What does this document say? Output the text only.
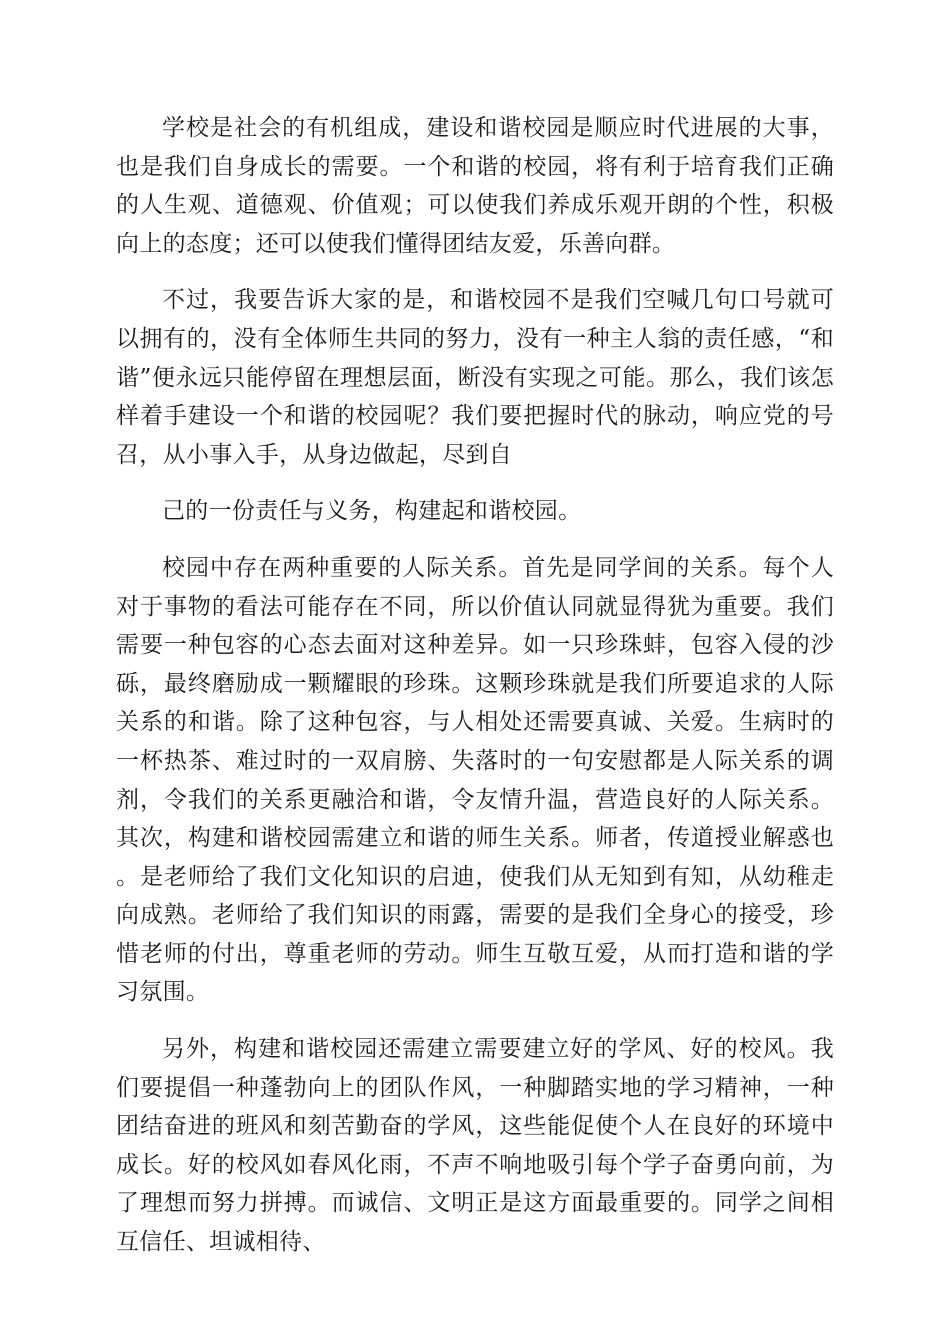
学校是社会的有机组成，建设和谐校园是顺应时代进展的大事，也是我们自身成长的需要。一个和谐的校园，将有利于培育我们正确的人生观、道德观、价值观；可以使我们养成乐观开朗的个性，积极向上的态度；还可以使我们懂得团结友爱，乐善向群。

不过，我要告诉大家的是，和谐校园不是我们空喊几句口号就可以拥有的，没有全体师生共同的努力，没有一种主人翁的责任感，“和谐”便永远只能停留在理想层面，断没有实现之可能。那么，我们该怎样着手建设一个和谐的校园呢？我们要把握时代的脉动，响应党的号召，从小事入手，从身边做起，尽到自

己的一份责任与义务，构建起和谐校园。

校园中存在两种重要的人际关系。首先是同学间的关系。每个人对于事物的看法可能存在不同，所以价值认同就显得犹为重要。我们需要一种包容的心态去面对这种差异。如一只珍珠蚌，包容入侵的沙砾，最终磨励成一颗耀眼的珍珠。这颗珍珠就是我们所要追求的人际关系的和谐。除了这种包容，与人相处还需要真诚、关爱。生病时的一杯热茶、难过时的一双肩膀、失落时的一句安慰都是人际关系的调剂，令我们的关系更融洽和谐，令友情升温，营造良好的人际关系。其次，构建和谐校园需建立和谐的师生关系。师者，传道授业解惑也。是老师给了我们文化知识的启迪，使我们从无知到有知，从幼稚走向成熟。老师给了我们知识的雨露，需要的是我们全身心的接受，珍惜老师的付出，尊重老师的劳动。师生互敬互爱，从而打造和谐的学习氛围。

另外，构建和谐校园还需建立需要建立好的学风、好的校风。我们要提倡一种蓬勃向上的团队作风，一种脚踏实地的学习精神，一种团结奋进的班风和刻苦勤奋的学风，这些能促使个人在良好的环境中成长。好的校风如春风化雨，不声不响地吸引每个学子奋勇向前，为了理想而努力拼搏。而诚信、文明正是这方面最重要的。同学之间相互信任、坦诚相待、
